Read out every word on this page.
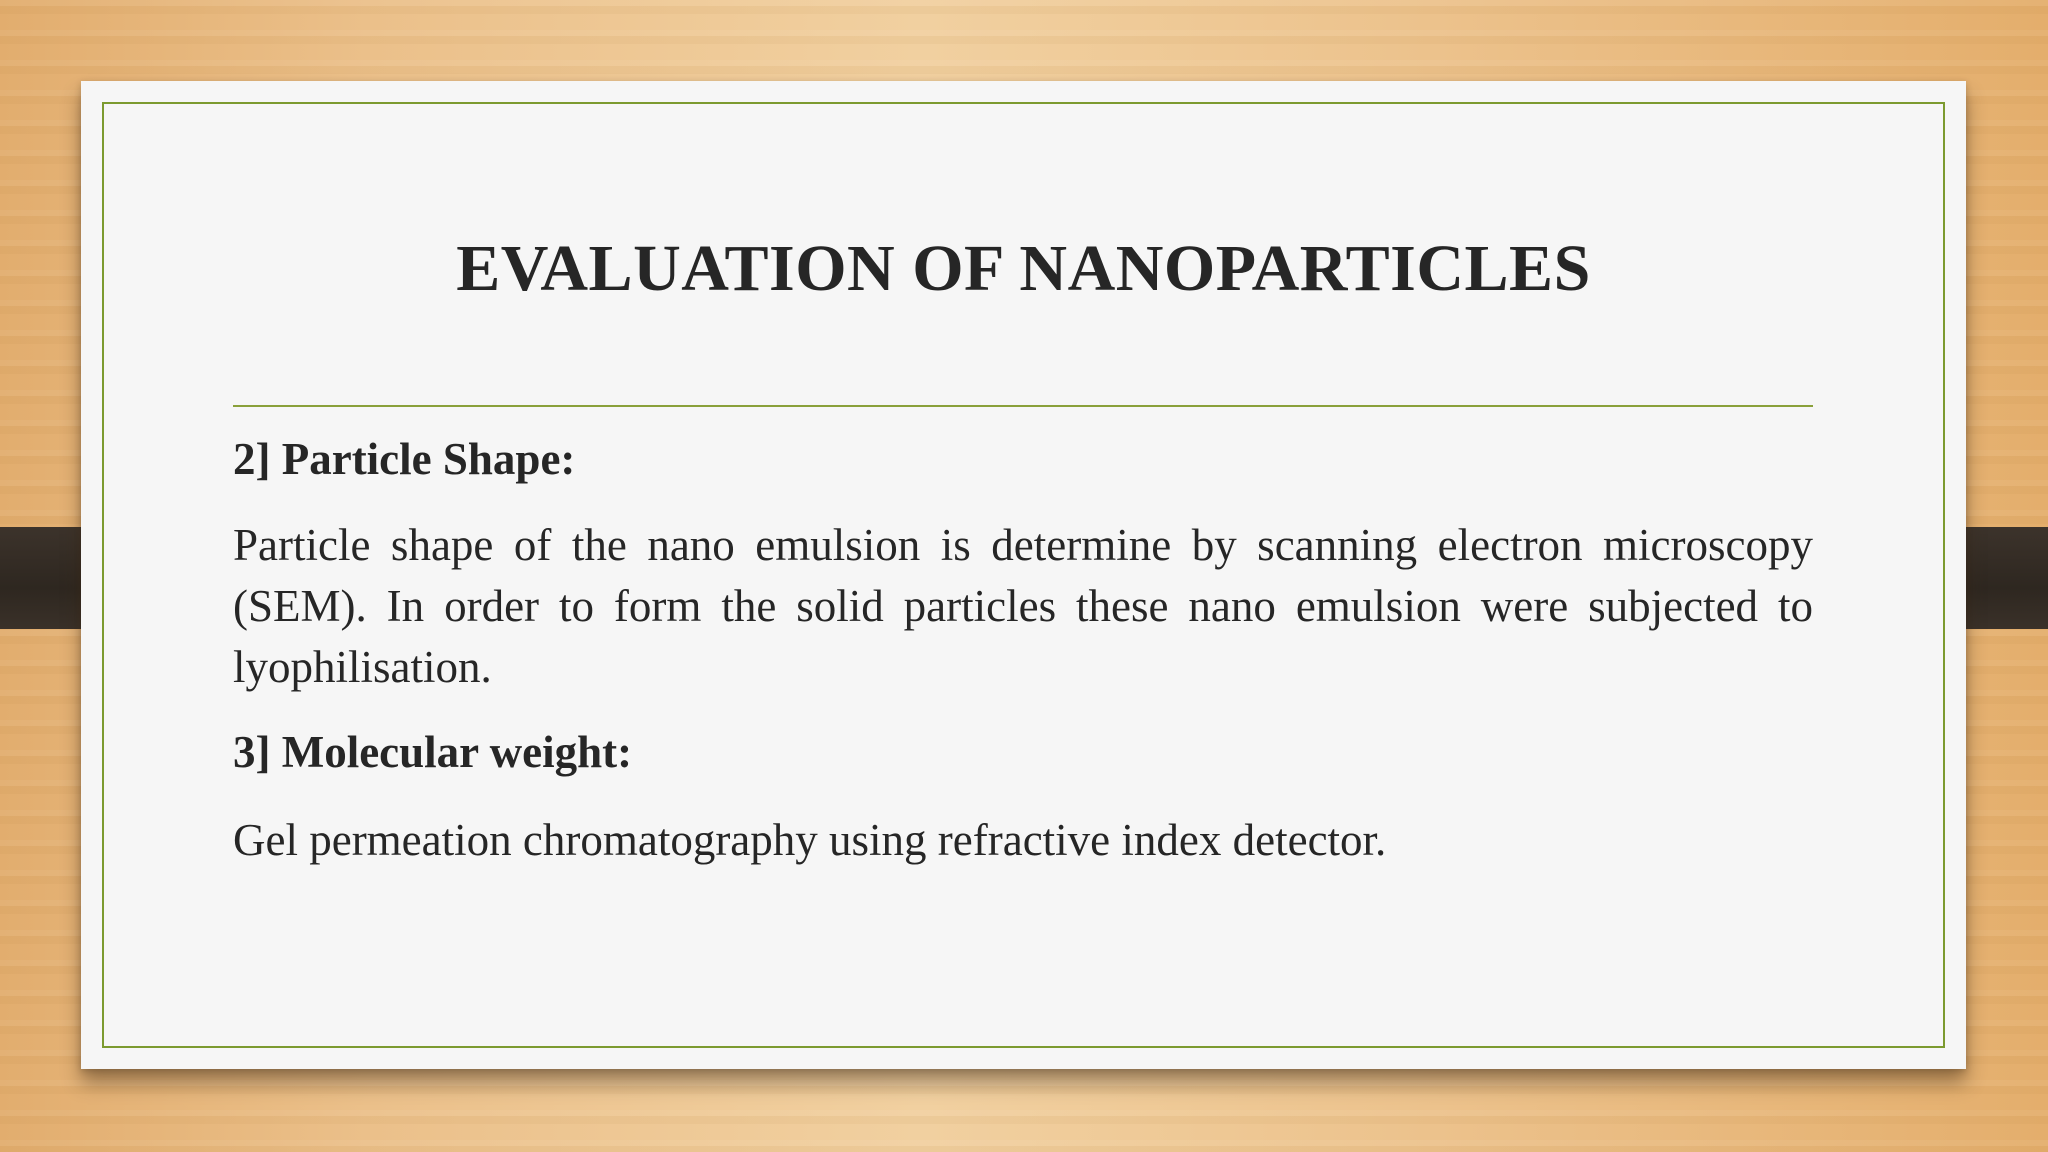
EVALUATION OF NANOPARTICLES

2] Particle Shape:

Particle shape of the nano emulsion is determine by scanning electron microscopy (SEM). In order to form the solid particles these nano emulsion were subjected to lyophilisation.

3] Molecular weight:

Gel permeation chromatography using refractive index detector.
